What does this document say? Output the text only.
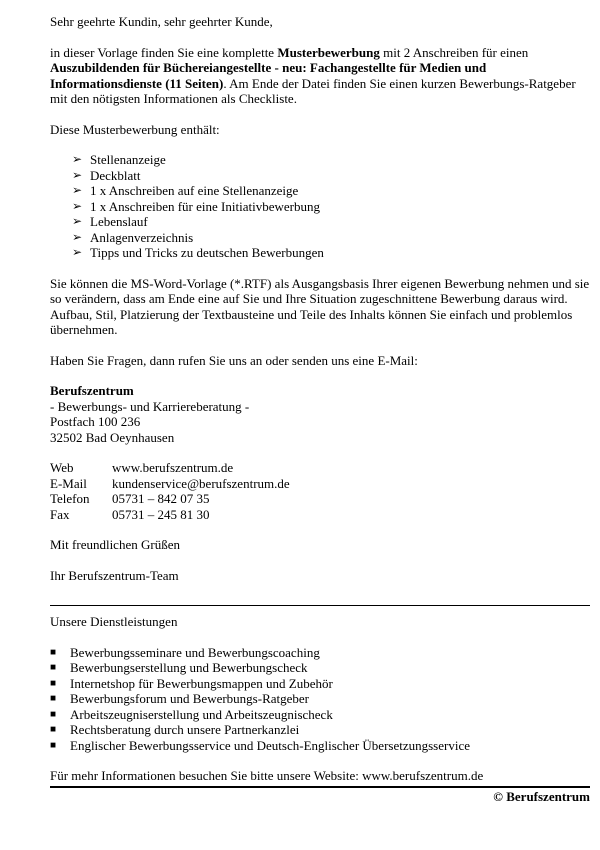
Sehr geehrte Kundin, sehr geehrter Kunde,

in dieser Vorlage finden Sie eine komplette Musterbewerbung mit 2 Anschreiben für einen Auszubildenden für Büchereiangestellte - neu: Fachangestellte für Medien und Informationsdienste (11 Seiten). Am Ende der Datei finden Sie einen kurzen Bewerbungs-Ratgeber mit den nötigsten Informationen als Checkliste.

Diese Musterbewerbung enthält:

➢ Stellenanzeige
➢ Deckblatt
➢ 1 x Anschreiben auf eine Stellenanzeige
➢ 1 x Anschreiben für eine Initiativbewerbung
➢ Lebenslauf
➢ Anlagenverzeichnis
➢ Tipps und Tricks zu deutschen Bewerbungen

Sie können die MS-Word-Vorlage (*.RTF) als Ausgangsbasis Ihrer eigenen Bewerbung nehmen und sie so verändern, dass am Ende eine auf Sie und Ihre Situation zugeschnittene Bewerbung daraus wird. Aufbau, Stil, Platzierung der Textbausteine und Teile des Inhalts können Sie einfach und problemlos übernehmen.

Haben Sie Fragen, dann rufen Sie uns an oder senden uns eine E-Mail:

Berufszentrum

- Bewerbungs- und Karriereberatung -

Postfach 100 236

32502 Bad Oeynhausen

Web	www.berufszentrum.de
E-Mail	kundenservice@berufszentrum.de
Telefon	05731 – 842 07 35
Fax	05731 – 245 81 30

Mit freundlichen Grüßen

Ihr Berufszentrum-Team

Unsere Dienstleistungen

■ Bewerbungsseminare und Bewerbungscoaching
■ Bewerbungserstellung und Bewerbungscheck
■ Internetshop für Bewerbungsmappen und Zubehör
■ Bewerbungsforum und Bewerbungs-Ratgeber
■ Arbeitszeugniserstellung und Arbeitszeugnischeck
■ Rechtsberatung durch unsere Partnerkanzlei
■ Englischer Bewerbungsservice und Deutsch-Englischer Übersetzungsservice

Für mehr Informationen besuchen Sie bitte unsere Website: www.berufszentrum.de

© Berufszentrum
